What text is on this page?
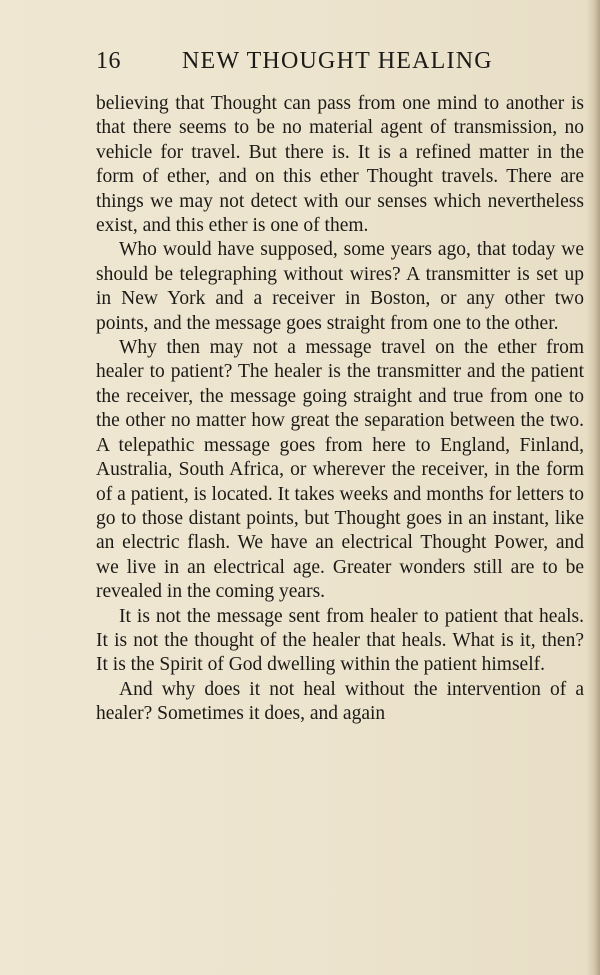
16	NEW THOUGHT HEALING

believing that Thought can pass from one mind to another is that there seems to be no material agent of transmission, no vehicle for travel. But there is. It is a refined matter in the form of ether, and on this ether Thought travels. There are things we may not detect with our senses which nevertheless exist, and this ether is one of them.

Who would have supposed, some years ago, that today we should be telegraphing without wires? A transmitter is set up in New York and a receiver in Boston, or any other two points, and the message goes straight from one to the other.

Why then may not a message travel on the ether from healer to patient? The healer is the transmitter and the patient the receiver, the message going straight and true from one to the other no matter how great the separation between the two. A telepathic message goes from here to England, Finland, Australia, South Africa, or wherever the receiver, in the form of a patient, is located. It takes weeks and months for letters to go to those distant points, but Thought goes in an instant, like an electric flash. We have an electrical Thought Power, and we live in an electrical age. Greater wonders still are to be revealed in the coming years.

It is not the message sent from healer to patient that heals. It is not the thought of the healer that heals. What is it, then? It is the Spirit of God dwelling within the patient himself.

And why does it not heal without the intervention of a healer? Sometimes it does, and again
